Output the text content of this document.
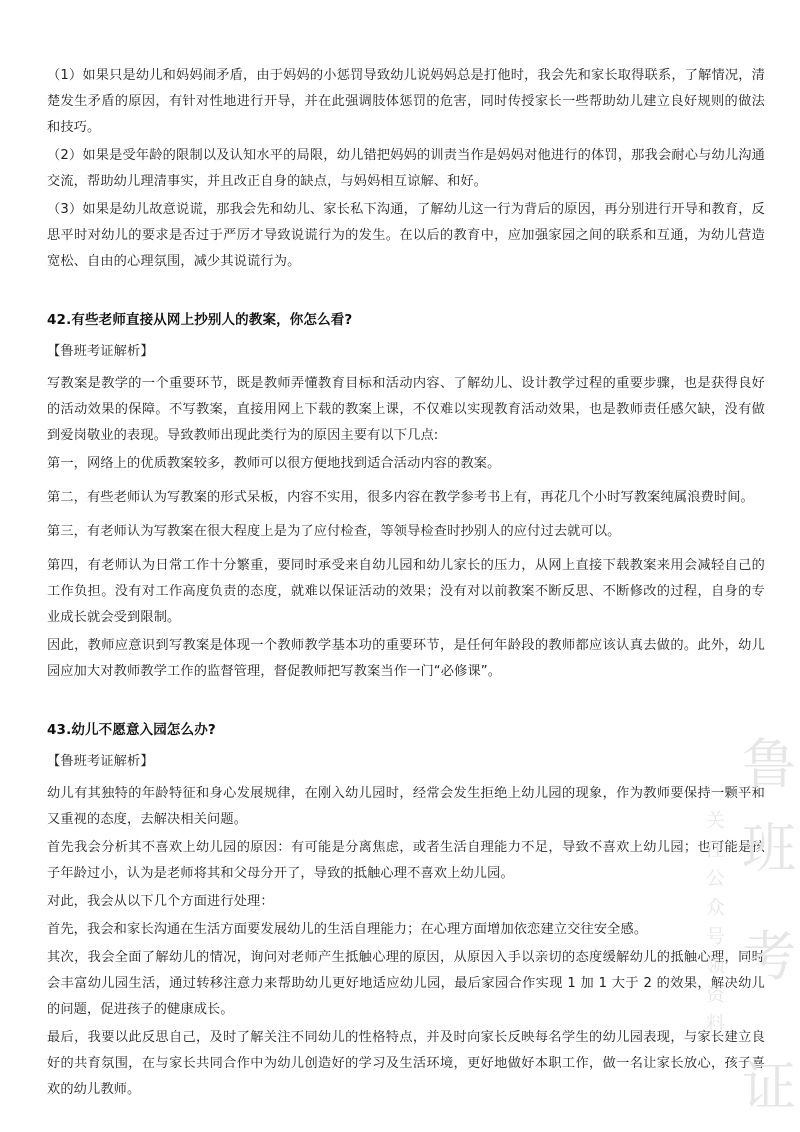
（1）如果只是幼儿和妈妈闹矛盾，由于妈妈的小惩罚导致幼儿说妈妈总是打他时，我会先和家长取得联系，了解情况，清楚发生矛盾的原因，有针对性地进行开导，并在此强调肢体惩罚的危害，同时传授家长一些帮助幼儿建立良好规则的做法和技巧。

（2）如果是受年龄的限制以及认知水平的局限，幼儿错把妈妈的训责当作是妈妈对他进行的体罚，那我会耐心与幼儿沟通交流，帮助幼儿理清事实，并且改正自身的缺点，与妈妈相互谅解、和好。

（3）如果是幼儿故意说谎，那我会先和幼儿、家长私下沟通，了解幼儿这一行为背后的原因，再分别进行开导和教育，反思平时对幼儿的要求是否过于严厉才导致说谎行为的发生。在以后的教育中，应加强家园之间的联系和互通，为幼儿营造宽松、自由的心理氛围，减少其说谎行为。

42.有些老师直接从网上抄别人的教案，你怎么看?

【鲁班考证解析】

写教案是教学的一个重要环节，既是教师弄懂教育目标和活动内容、了解幼儿、设计教学过程的重要步骤，也是获得良好的活动效果的保障。不写教案，直接用网上下载的教案上课，不仅难以实现教育活动效果，也是教师责任感欠缺，没有做到爱岗敬业的表现。导致教师出现此类行为的原因主要有以下几点:

第一，网络上的优质教案较多，教师可以很方便地找到适合活动内容的教案。

第二，有些老师认为写教案的形式呆板，内容不实用，很多内容在教学参考书上有，再花几个小时写教案纯属浪费时间。

第三，有老师认为写教案在很大程度上是为了应付检查，等领导检查时抄别人的应付过去就可以。

第四，有老师认为日常工作十分繁重，要同时承受来自幼儿园和幼儿家长的压力，从网上直接下载教案来用会减轻自己的工作负担。没有对工作高度负责的态度，就难以保证活动的效果；没有对以前教案不断反思、不断修改的过程，自身的专业成长就会受到限制。

因此，教师应意识到写教案是体现一个教师教学基本功的重要环节，是任何年龄段的教师都应该认真去做的。此外，幼儿园应加大对教师教学工作的监督管理，督促教师把写教案当作一门“必修课”。

43.幼儿不愿意入园怎么办?

【鲁班考证解析】

幼儿有其独特的年龄特征和身心发展规律，在刚入幼儿园时，经常会发生拒绝上幼儿园的现象，作为教师要保持一颗平和又重视的态度，去解决相关问题。

首先我会分析其不喜欢上幼儿园的原因：有可能是分离焦虑，或者生活自理能力不足，导致不喜欢上幼儿园；也可能是孩子年龄过小，认为是老师将其和父母分开了，导致的抵触心理不喜欢上幼儿园。

对此，我会从以下几个方面进行处理：

首先，我会和家长沟通在生活方面要发展幼儿的生活自理能力；在心理方面增加依恋建立交往安全感。

其次，我会全面了解幼儿的情况，询问对老师产生抵触心理的原因，从原因入手以亲切的态度缓解幼儿的抵触心理，同时会丰富幼儿园生活，通过转移注意力来帮助幼儿更好地适应幼儿园，最后家园合作实现 1 加 1 大于 2 的效果，解决幼儿的问题，促进孩子的健康成长。

最后，我要以此反思自己，及时了解关注不同幼儿的性格特点，并及时向家长反映每名学生的幼儿园表现，与家长建立良好的共育氛围，在与家长共同合作中为幼儿创造好的学习及生活环境，更好地做好本职工作，做一名让家长放心，孩子喜欢的幼儿教师。

鲁
班
考
证
关注公众号领资料
